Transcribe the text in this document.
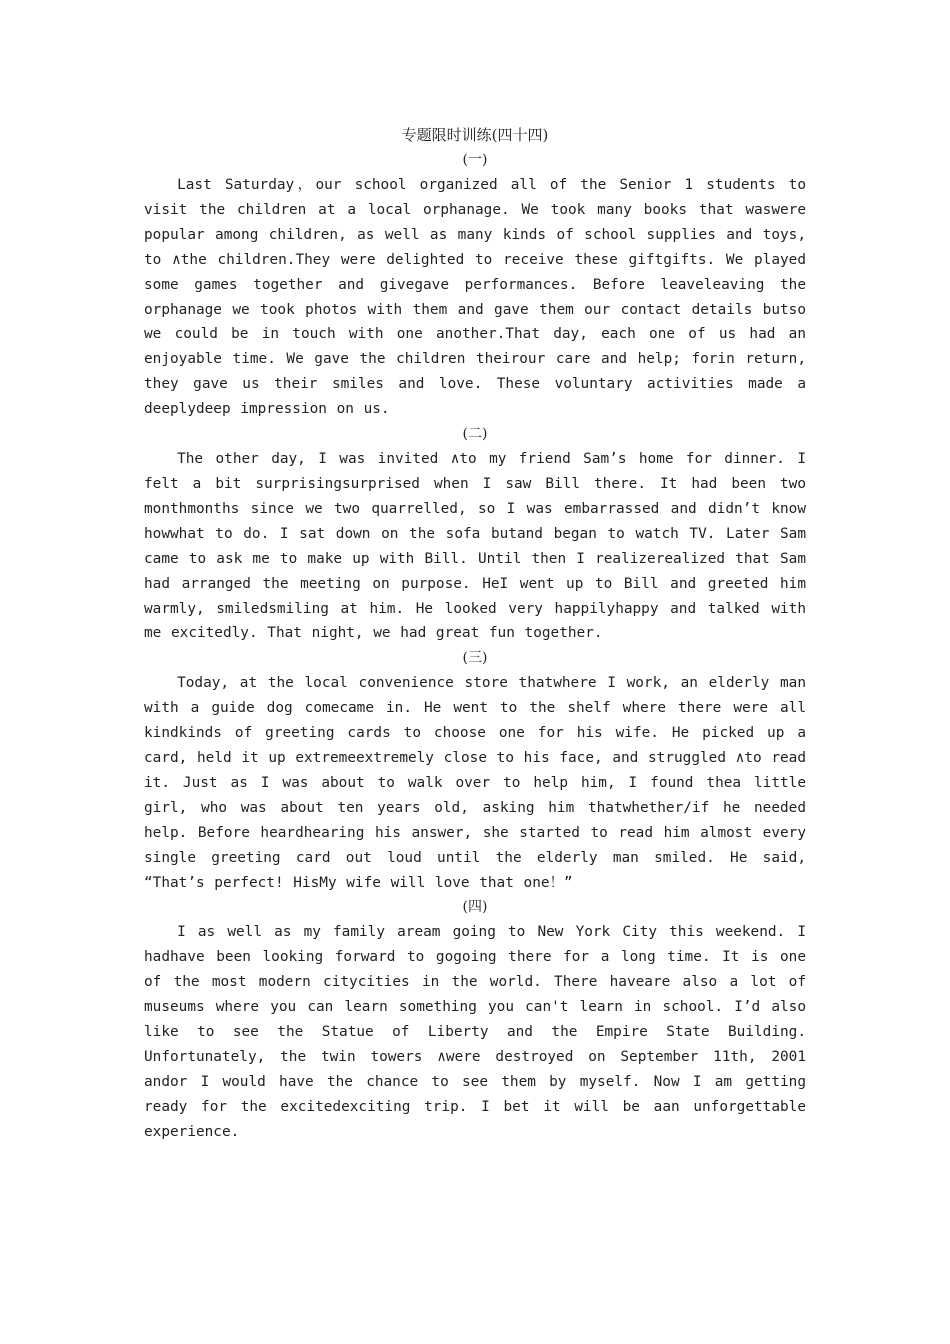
专题限时训练(四十四)

(一)

Last Saturday，our school organized all of the Senior 1 students to visit the children at a local orphanage. We took many books that waswere popular among children, as well as many kinds of school supplies and toys, to ∧the children.They were delighted to receive these giftgifts. We played some games together and givegave performances. Before leaveleaving the orphanage we took photos with them and gave them our contact details butso we could be in touch with one another.That day, each one of us had an enjoyable time. We gave the children theirour care and help; forin return, they gave us their smiles and love. These voluntary activities made a deeplydeep impression on us.

(二)

The other day, I was invited ∧to my friend Sam’s home for dinner. I felt a bit surprisingsurprised when I saw Bill there. It had been two monthmonths since we two quarrelled, so I was embarrassed and didn’t know howwhat to do. I sat down on the sofa butand began to watch TV. Later Sam came to ask me to make up with Bill. Until then I realizerealized that Sam had arranged the meeting on purpose. HeI went up to Bill and greeted him warmly, smiledsmiling at him. He looked very happilyhappy and talked with me excitedly. That night, we had great fun together.

(三)

Today, at the local convenience store thatwhere I work, an elderly man with a guide dog comecame in. He went to the shelf where there were all kindkinds of greeting cards to choose one for his wife. He picked up a card, held it up extremeextremely close to his face, and struggled ∧to read it. Just as I was about to walk over to help him, I found thea little girl, who was about ten years old, asking him thatwhether/if he needed help. Before heardhearing his answer, she started to read him almost every single greeting card out loud until the elderly man smiled. He said, “That’s perfect! HisMy wife will love that one！”

(四)

I as well as my family aream going to New York City this weekend. I hadhave been looking forward to gogoing there for a long time. It is one of the most modern citycities in the world. There haveare also a lot of museums where you can learn something you can't learn in school. I’d also like to see the Statue of Liberty and the Empire State Building. Unfortunately, the twin towers ∧were destroyed on September 11th, 2001 andor I would have the chance to see them by myself. Now I am getting ready for the excitedexciting trip. I bet it will be aan unforgettable experience.
